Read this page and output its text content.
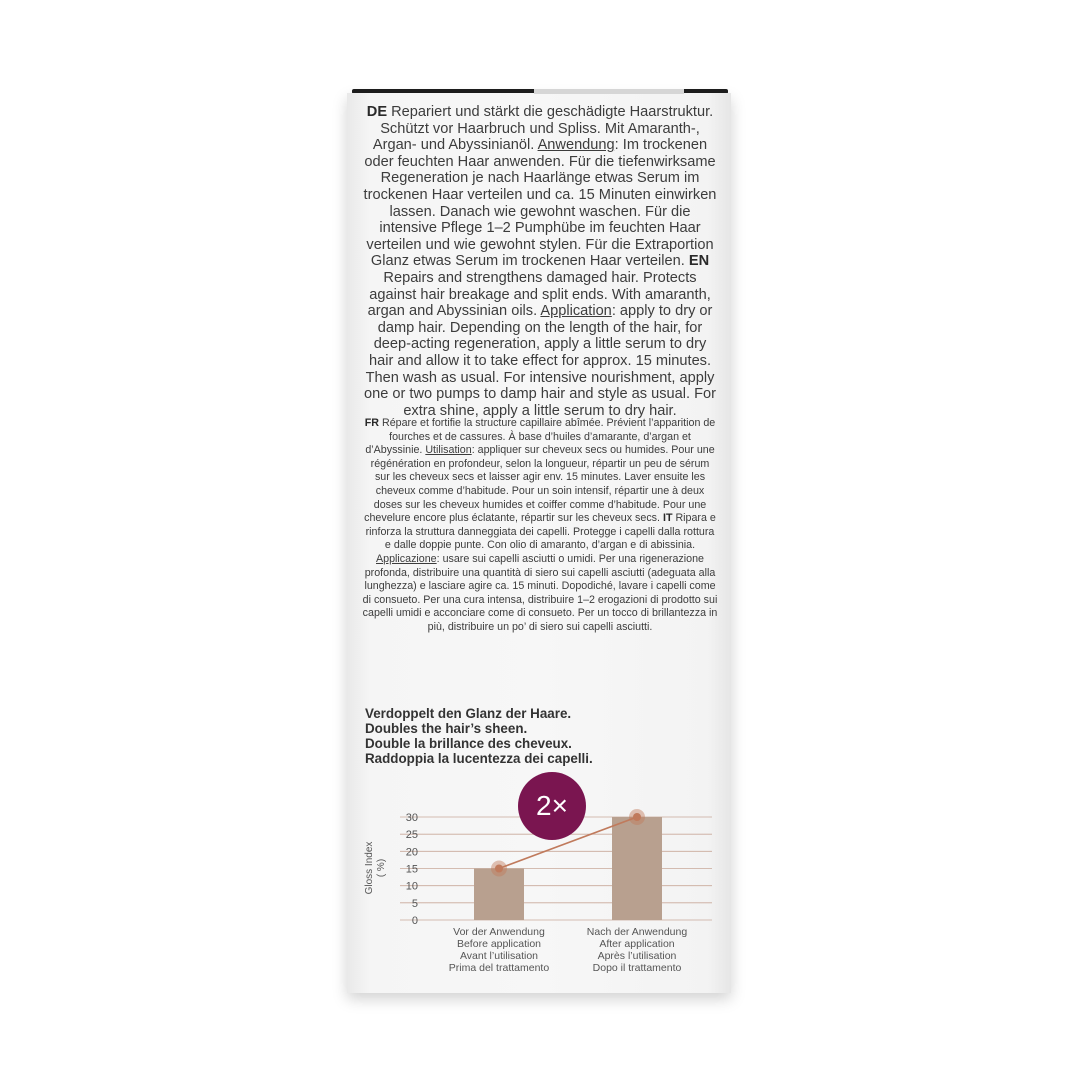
DE Repariert und stärkt die geschädigte Haarstruktur. Schützt vor Haarbruch und Spliss. Mit Amaranth-, Argan- und Abyssinianöl. Anwendung: Im trockenen oder feuchten Haar anwenden. Für die tiefenwirksame Regeneration je nach Haarlänge etwas Serum im trockenen Haar verteilen und ca. 15 Minuten einwirken lassen. Danach wie gewohnt waschen. Für die intensive Pflege 1–2 Pumphübe im feuchten Haar verteilen und wie gewohnt stylen. Für die Extraportion Glanz etwas Serum im trockenen Haar verteilen. EN Repairs and strengthens damaged hair. Protects against hair breakage and split ends. With amaranth, argan and Abyssinian oils. Application: apply to dry or damp hair. Depending on the length of the hair, for deep-acting regeneration, apply a little serum to dry hair and allow it to take effect for approx. 15 minutes. Then wash as usual. For intensive nourishment, apply one or two pumps to damp hair and style as usual. For extra shine, apply a little serum to dry hair.
FR Répare et fortifie la structure capillaire abîmée. Prévient l’apparition de fourches et de cassures. À base d’huiles d’amarante, d’argan et d’Abyssinie. Utilisation: appliquer sur cheveux secs ou humides. Pour une régénération en profondeur, selon la longueur, répartir un peu de sérum sur les cheveux secs et laisser agir env. 15 minutes. Laver ensuite les cheveux comme d’habitude. Pour un soin intensif, répartir une à deux doses sur les cheveux humides et coiffer comme d’habitude. Pour une chevelure encore plus éclatante, répartir sur les cheveux secs. IT Ripara e rinforza la struttura danneggiata dei capelli. Protegge i capelli dalla rottura e dalle doppie punte. Con olio di amaranto, d’argan e di abissinia. Applicazione: usare sui capelli asciutti o umidi. Per una rigenerazione profonda, distribuire una quantità di siero sui capelli asciutti (adeguata alla lunghezza) e lasciare agire ca. 15 minuti. Dopodiché, lavare i capelli come di consueto. Per una cura intensa, distribuire 1–2 erogazioni di prodotto sui capelli umidi e acconciare come di consueto. Per un tocco di brillantezza in più, distribuire un po’ di siero sui capelli asciutti.
Verdoppelt den Glanz der Haare.
Doubles the hair’s sheen.
Double la brillance des cheveux.
Raddoppia la lucentezza dei capelli.
30
25
20
15
10
5
0
Vor der Anwendung
Before application
Avant l’utilisation
Prima del trattamento
Nach der Anwendung
After application
Après l’utilisation
Dopo il trattamento
Gloss Index ( %)
2×
